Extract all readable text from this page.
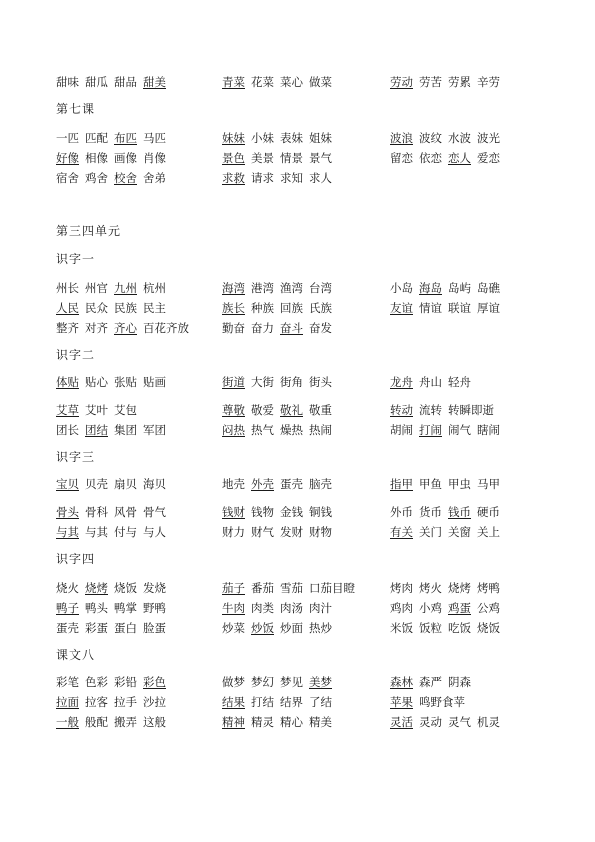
甜味 甜瓜 甜品 甜美	青菜 花菜 菜心 做菜	劳动 劳苦 劳累 辛劳
第七课
一匹 匹配 布匹 马匹	妹妹 小妹 表妹 姐妹	波浪 波纹 水波 波光
好像 相像 画像 肖像	景色 美景 情景 景气	留恋 依恋 恋人 爱恋
宿舍 鸡舍 校舍 舍弟	求救 请求 求知 求人
第三四单元
识字一
州长 州官 九州 杭州	海湾 港湾 渔湾 台湾	小岛 海岛 岛屿 岛礁
人民 民众 民族 民主	族长 种族 回族 氏族	友谊 情谊 联谊 厚谊
整齐 对齐 齐心 百花齐放	勤奋 奋力 奋斗 奋发
识字二
体贴 贴心 张贴 贴画	街道 大街 街角 街头	龙舟 舟山 轻舟
艾草 艾叶 艾包	尊敬 敬爱 敬礼 敬重	转动 流转 转瞬即逝
团长 团结 集团 军团	闷热 热气 燥热 热闹	胡闹 打闹 闹气 瞎闹
识字三
宝贝 贝壳 扇贝 海贝	地壳 外壳 蛋壳 脑壳	指甲 甲鱼 甲虫 马甲
骨头 骨科 风骨 骨气	钱财 钱物 金钱 铜钱	外币 货币 钱币 硬币
与其 与其 付与 与人	财力 财气 发财 财物	有关 关门 关窗 关上
识字四
烧火 烧烤 烧饭 发烧	茄子 番茄 雪茄 口茄目瞪	烤肉 烤火 烧烤 烤鸭
鸭子 鸭头 鸭掌 野鸭	牛肉 肉类 肉汤 肉汁	鸡肉 小鸡 鸡蛋 公鸡
蛋壳 彩蛋 蛋白 脸蛋	炒菜 炒饭 炒面 热炒	米饭 饭粒 吃饭 烧饭
课文八
彩笔 色彩 彩铅 彩色	做梦 梦幻 梦见 美梦	森林 森严 阴森
拉面 拉客 拉手 沙拉	结果 打结 结界 了结	苹果 鸣野食苹
一般 般配 搬弄 这般	精神 精灵 精心 精美	灵活 灵动 灵气 机灵
